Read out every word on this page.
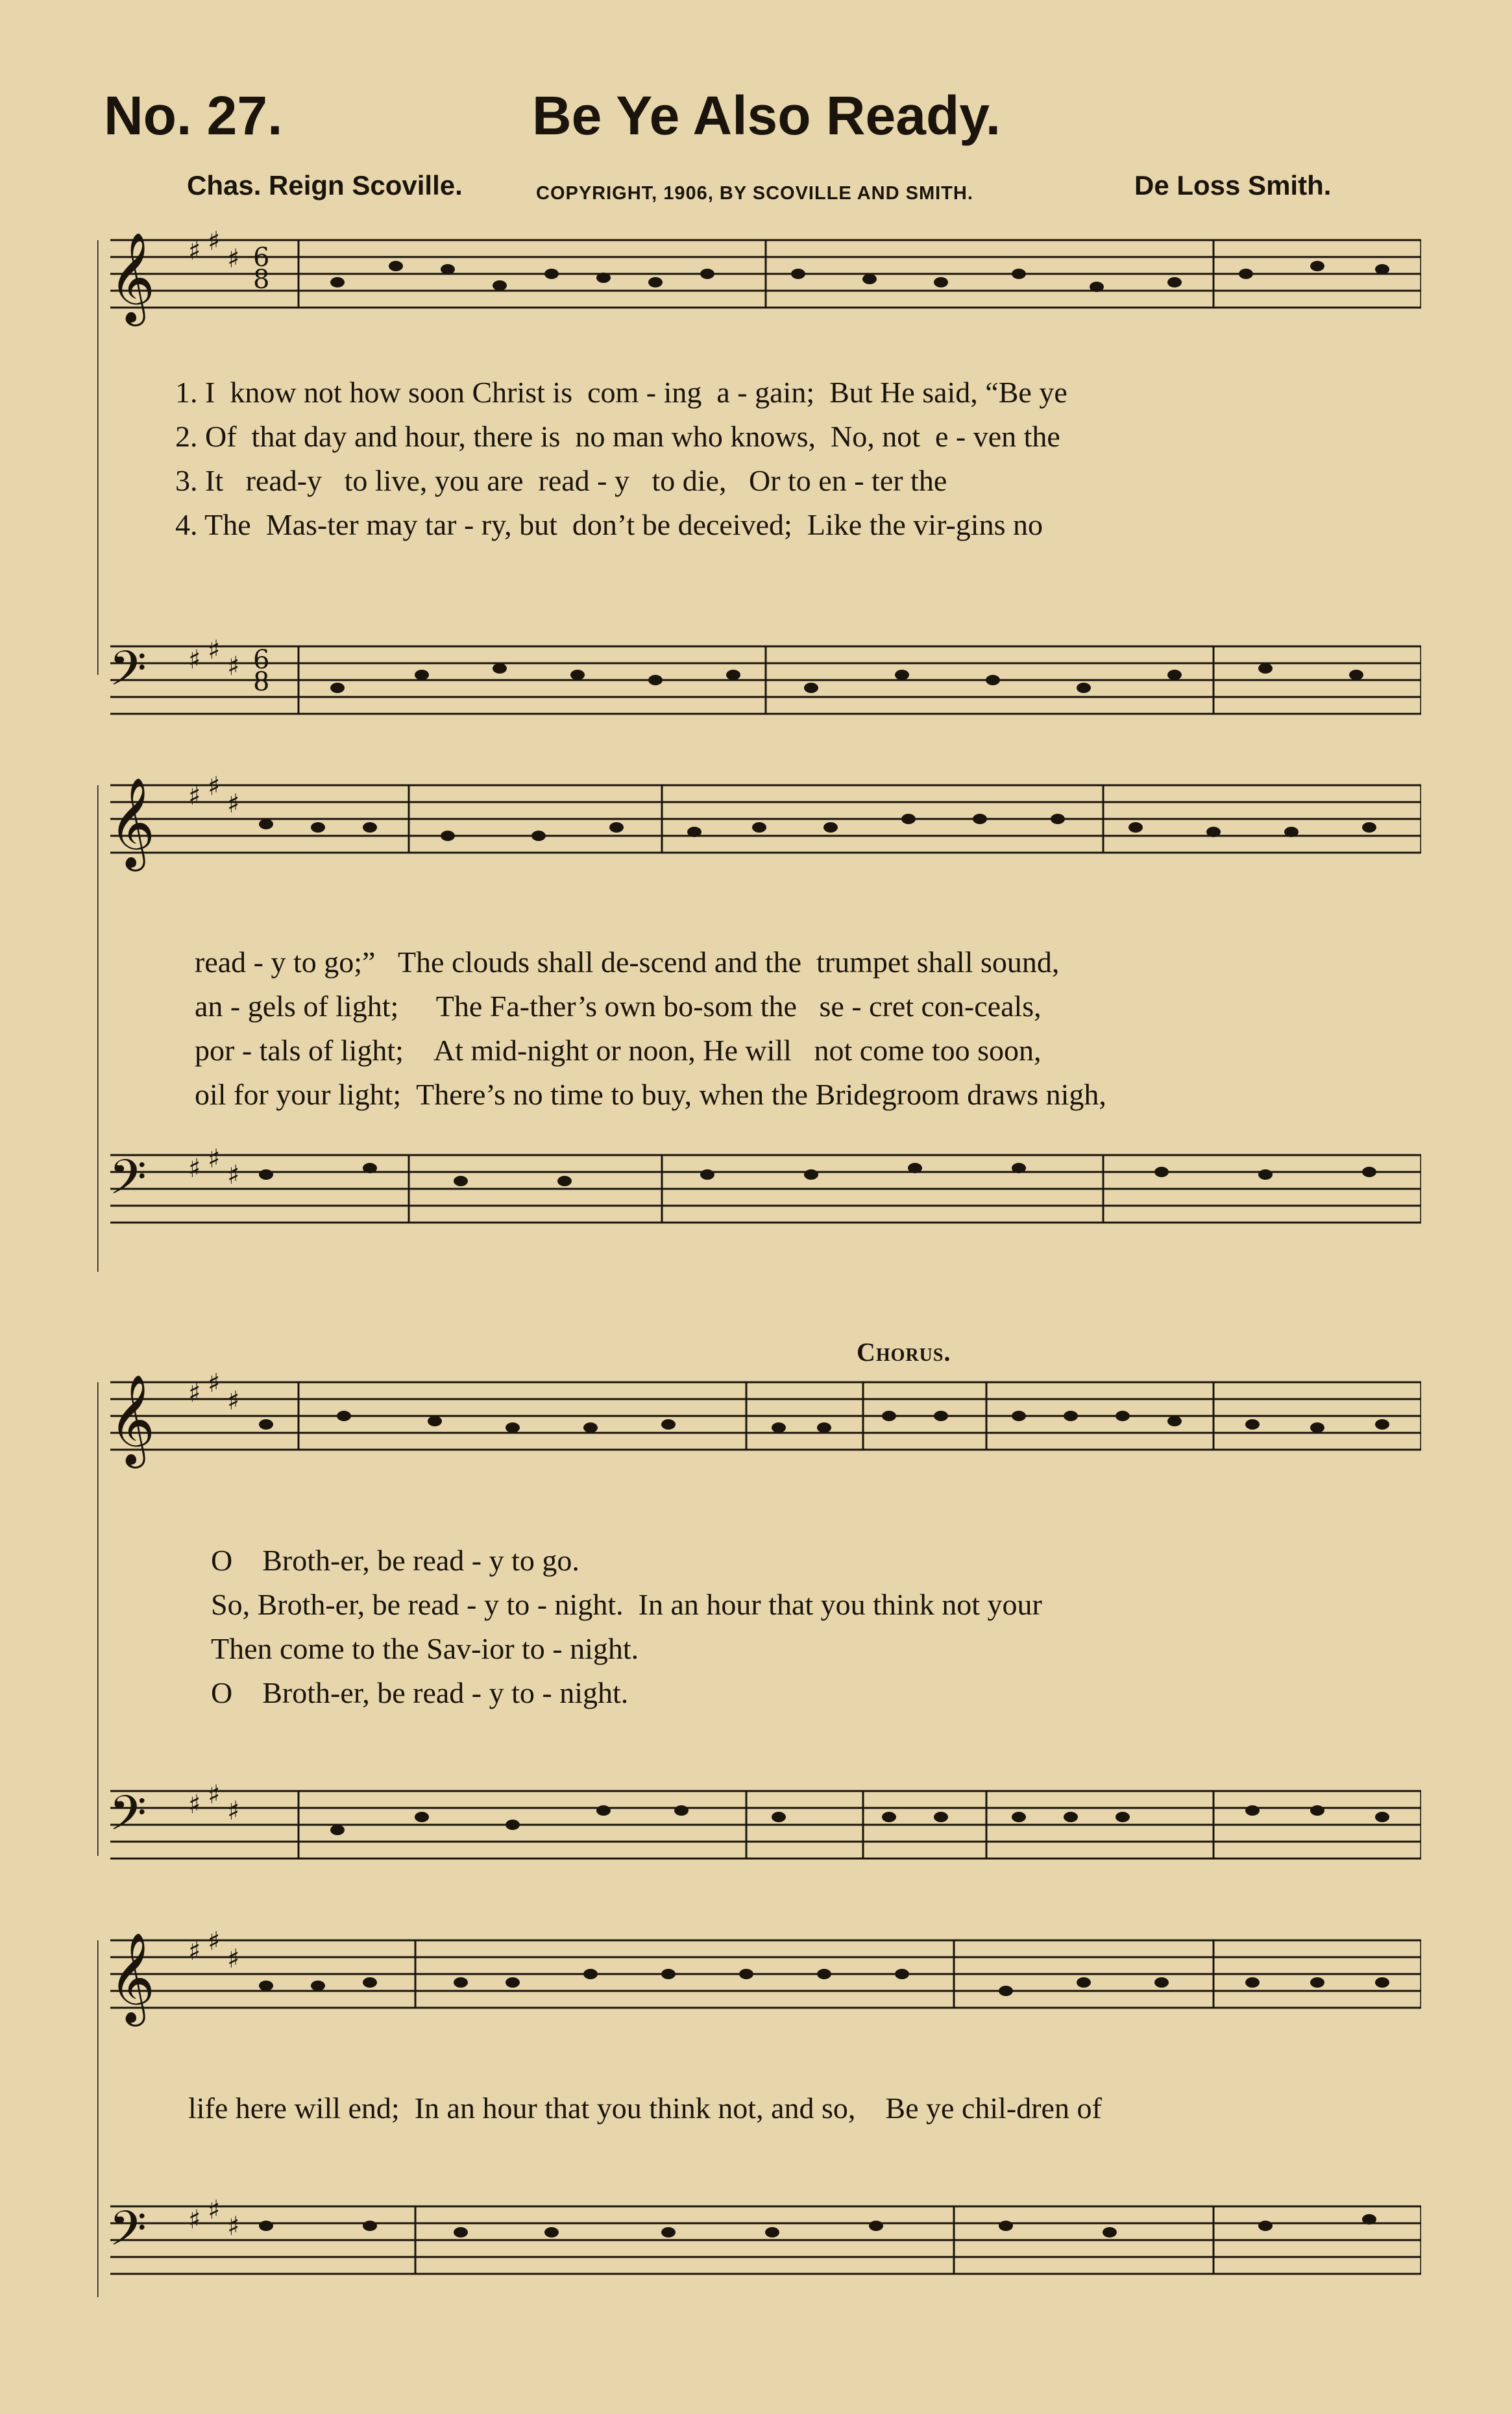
No. 27.	Be Ye Also Ready.
Chas. Reign Scoville.	COPYRIGHT, 1906, BY SCOVILLE AND SMITH.	De Loss Smith.
𝄞
𝄢
♯ ♯
♯
♯ ♯
♯
6
8
6
8
1. I know not how soon Christ is com - ing a - gain; But He said, “Be ye
2. Of that day and hour, there is no man who knows, No, not e - ven the
3. It read-y to live, you are read - y to die, Or to en - ter the
4. The Mas-ter may tar - ry, but don’t be deceived; Like the vir-gins no
𝄞
𝄢
♯ ♯
♯
♯ ♯
♯
read - y to go;” The clouds shall de-scend and the trumpet shall sound,
an - gels of light; The Fa-ther’s own bo-som the se - cret con-ceals,
por - tals of light; At mid-night or noon, He will not come too soon,
oil for your light; There’s no time to buy, when the Bridegroom draws nigh,
Chorus.
𝄞
𝄢
♯ ♯
♯
♯ ♯
♯
O Broth-er, be read - y to go.
So, Broth-er, be read - y to - night. In an hour that you think not your
Then come to the Sav-ior to - night.
O Broth-er, be read - y to - night.
𝄞
𝄢
♯ ♯
♯
♯ ♯
♯
life here will end; In an hour that you think not, and so, Be ye chil-dren of
